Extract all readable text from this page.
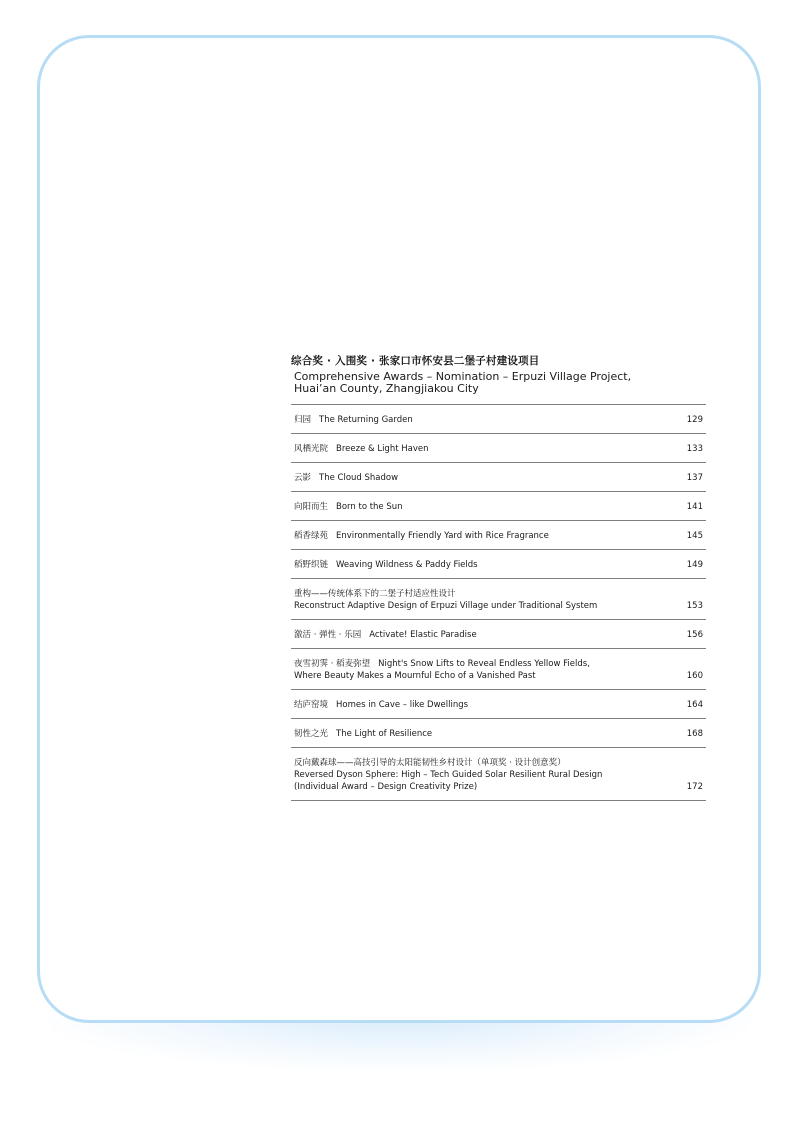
综合奖 · 入围奖 · 张家口市怀安县二堡子村建设项目
Comprehensive Awards – Nomination – Erpuzi Village Project,
Huai’an County, Zhangjiakou City
归园 The Returning Garden	129
风栖光院 Breeze & Light Haven	133
云影 The Cloud Shadow	137
向阳而生 Born to the Sun	141
稻香绿苑 Environmentally Friendly Yard with Rice Fragrance	145
稻野织链 Weaving Wildness & Paddy Fields	149
重构——传统体系下的二堡子村适应性设计
Reconstruct Adaptive Design of Erpuzi Village under Traditional System	153
激活 · 弹性 · 乐园 Activate! Elastic Paradise	156
夜雪初霁 · 稻麦弥望 Night's Snow Lifts to Reveal Endless Yellow Fields,
Where Beauty Makes a Mournful Echo of a Vanished Past	160
结庐窑境 Homes in Cave – like Dwellings	164
韧性之光 The Light of Resilience	168
反向戴森球——高技引导的太阳能韧性乡村设计（单项奖 · 设计创意奖）
Reversed Dyson Sphere: High – Tech Guided Solar Resilient Rural Design
(Individual Award – Design Creativity Prize)	172
